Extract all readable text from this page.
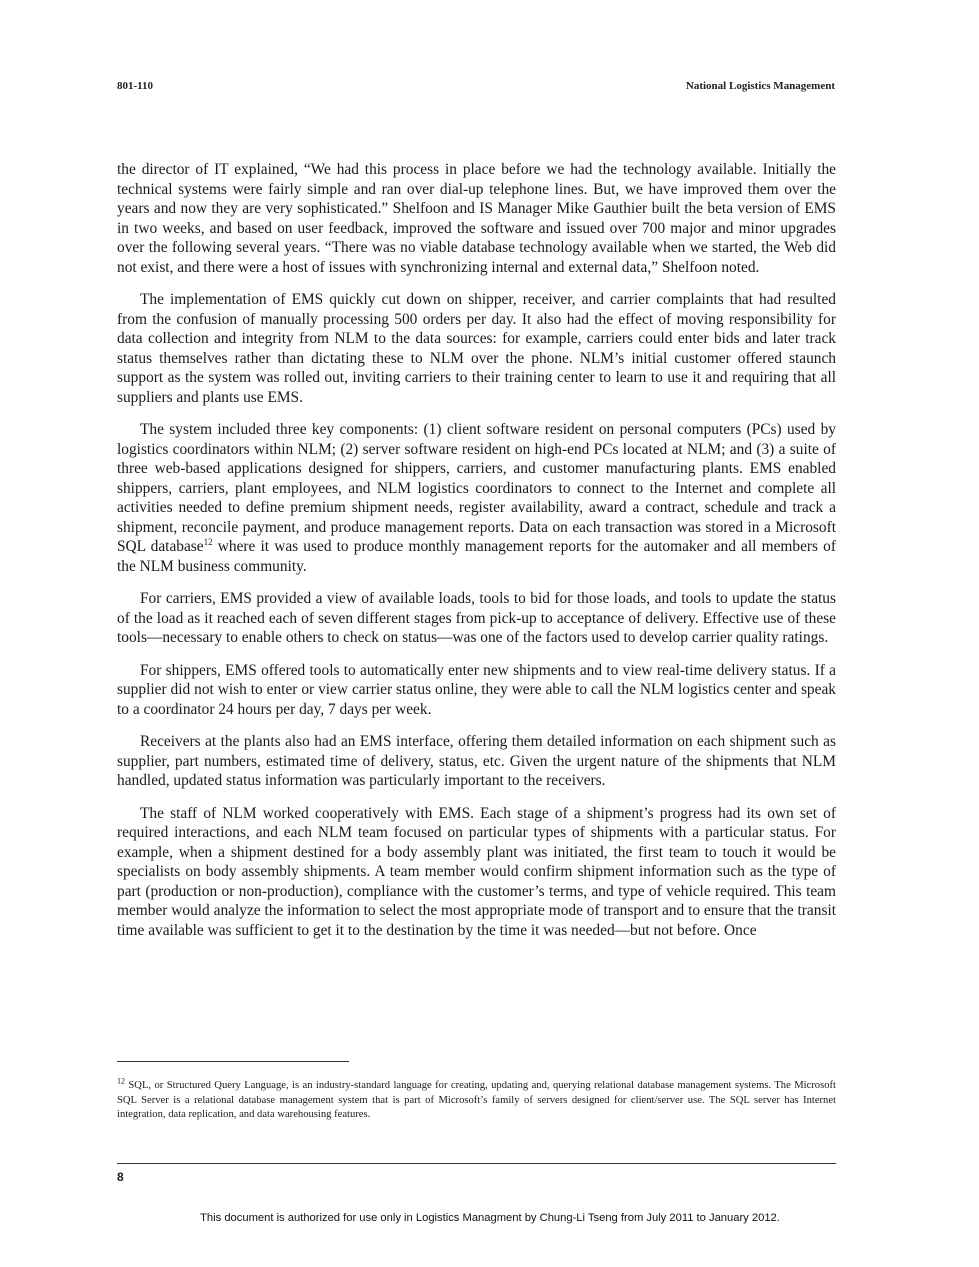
801-110	National Logistics Management

the director of IT explained, “We had this process in place before we had the technology available. Initially the technical systems were fairly simple and ran over dial-up telephone lines. But, we have improved them over the years and now they are very sophisticated.” Shelfoon and IS Manager Mike Gauthier built the beta version of EMS in two weeks, and based on user feedback, improved the software and issued over 700 major and minor upgrades over the following several years. “There was no viable database technology available when we started, the Web did not exist, and there were a host of issues with synchronizing internal and external data,” Shelfoon noted.

The implementation of EMS quickly cut down on shipper, receiver, and carrier complaints that had resulted from the confusion of manually processing 500 orders per day. It also had the effect of moving responsibility for data collection and integrity from NLM to the data sources: for example, carriers could enter bids and later track status themselves rather than dictating these to NLM over the phone. NLM’s initial customer offered staunch support as the system was rolled out, inviting carriers to their training center to learn to use it and requiring that all suppliers and plants use EMS.

The system included three key components: (1) client software resident on personal computers (PCs) used by logistics coordinators within NLM; (2) server software resident on high-end PCs located at NLM; and (3) a suite of three web-based applications designed for shippers, carriers, and customer manufacturing plants. EMS enabled shippers, carriers, plant employees, and NLM logistics coordinators to connect to the Internet and complete all activities needed to define premium shipment needs, register availability, award a contract, schedule and track a shipment, reconcile payment, and produce management reports. Data on each transaction was stored in a Microsoft SQL database$^{12}$ where it was used to produce monthly management reports for the automaker and all members of the NLM business community.

For carriers, EMS provided a view of available loads, tools to bid for those loads, and tools to update the status of the load as it reached each of seven different stages from pick-up to acceptance of delivery. Effective use of these tools—necessary to enable others to check on status—was one of the factors used to develop carrier quality ratings.

For shippers, EMS offered tools to automatically enter new shipments and to view real-time delivery status. If a supplier did not wish to enter or view carrier status online, they were able to call the NLM logistics center and speak to a coordinator 24 hours per day, 7 days per week.

Receivers at the plants also had an EMS interface, offering them detailed information on each shipment such as supplier, part numbers, estimated time of delivery, status, etc. Given the urgent nature of the shipments that NLM handled, updated status information was particularly important to the receivers.

The staff of NLM worked cooperatively with EMS. Each stage of a shipment’s progress had its own set of required interactions, and each NLM team focused on particular types of shipments with a particular status. For example, when a shipment destined for a body assembly plant was initiated, the first team to touch it would be specialists on body assembly shipments. A team member would confirm shipment information such as the type of part (production or non-production), compliance with the customer’s terms, and type of vehicle required. This team member would analyze the information to select the most appropriate mode of transport and to ensure that the transit time available was sufficient to get it to the destination by the time it was needed—but not before. Once

$^{12}$ SQL, or Structured Query Language, is an industry-standard language for creating, updating and, querying relational database management systems. The Microsoft SQL Server is a relational database management system that is part of Microsoft’s family of servers designed for client/server use. The SQL server has Internet integration, data replication, and data warehousing features.
8
This document is authorized for use only in Logistics Managment by Chung-Li Tseng from July 2011 to January 2012.
